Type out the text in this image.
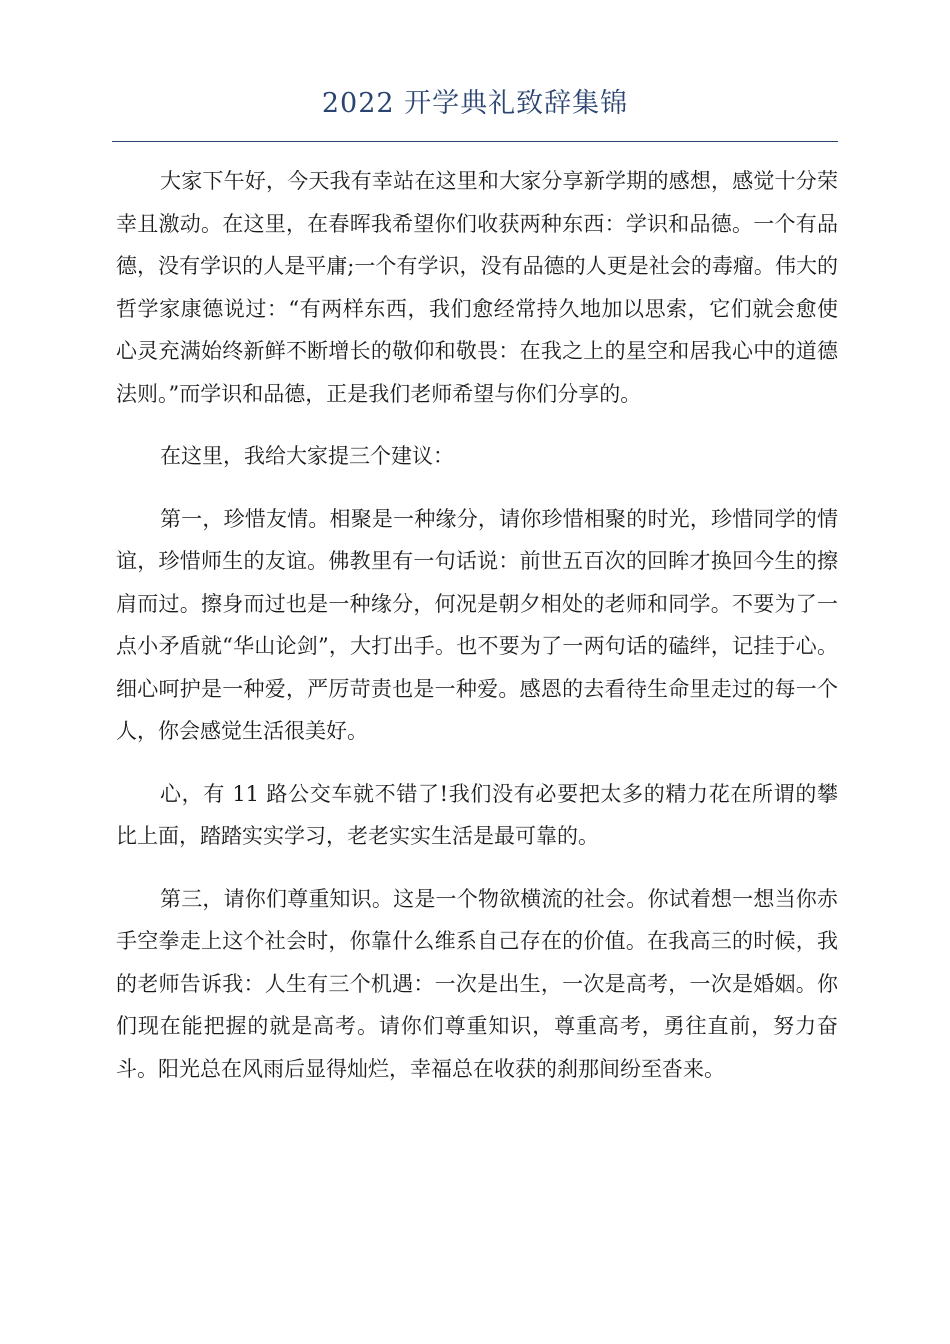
2022 开学典礼致辞集锦

大家下午好，今天我有幸站在这里和大家分享新学期的感想，感觉十分荣幸且激动。在这里，在春晖我希望你们收获两种东西：学识和品德。一个有品德，没有学识的人是平庸;一个有学识，没有品德的人更是社会的毒瘤。伟大的哲学家康德说过：“有两样东西，我们愈经常持久地加以思索，它们就会愈使心灵充满始终新鲜不断增长的敬仰和敬畏：在我之上的星空和居我心中的道德法则。”而学识和品德，正是我们老师希望与你们分享的。

在这里，我给大家提三个建议：

第一，珍惜友情。相聚是一种缘分，请你珍惜相聚的时光，珍惜同学的情谊，珍惜师生的友谊。佛教里有一句话说：前世五百次的回眸才换回今生的擦肩而过。擦身而过也是一种缘分，何况是朝夕相处的老师和同学。不要为了一点小矛盾就“华山论剑”，大打出手。也不要为了一两句话的磕绊，记挂于心。细心呵护是一种爱，严厉苛责也是一种爱。感恩的去看待生命里走过的每一个人，你会感觉生活很美好。

心，有 11 路公交车就不错了!我们没有必要把太多的精力花在所谓的攀比上面，踏踏实实学习，老老实实生活是最可靠的。

第三，请你们尊重知识。这是一个物欲横流的社会。你试着想一想当你赤手空拳走上这个社会时，你靠什么维系自己存在的价值。在我高三的时候，我的老师告诉我：人生有三个机遇：一次是出生，一次是高考，一次是婚姻。你们现在能把握的就是高考。请你们尊重知识，尊重高考，勇往直前，努力奋斗。阳光总在风雨后显得灿烂，幸福总在收获的刹那间纷至沓来。
